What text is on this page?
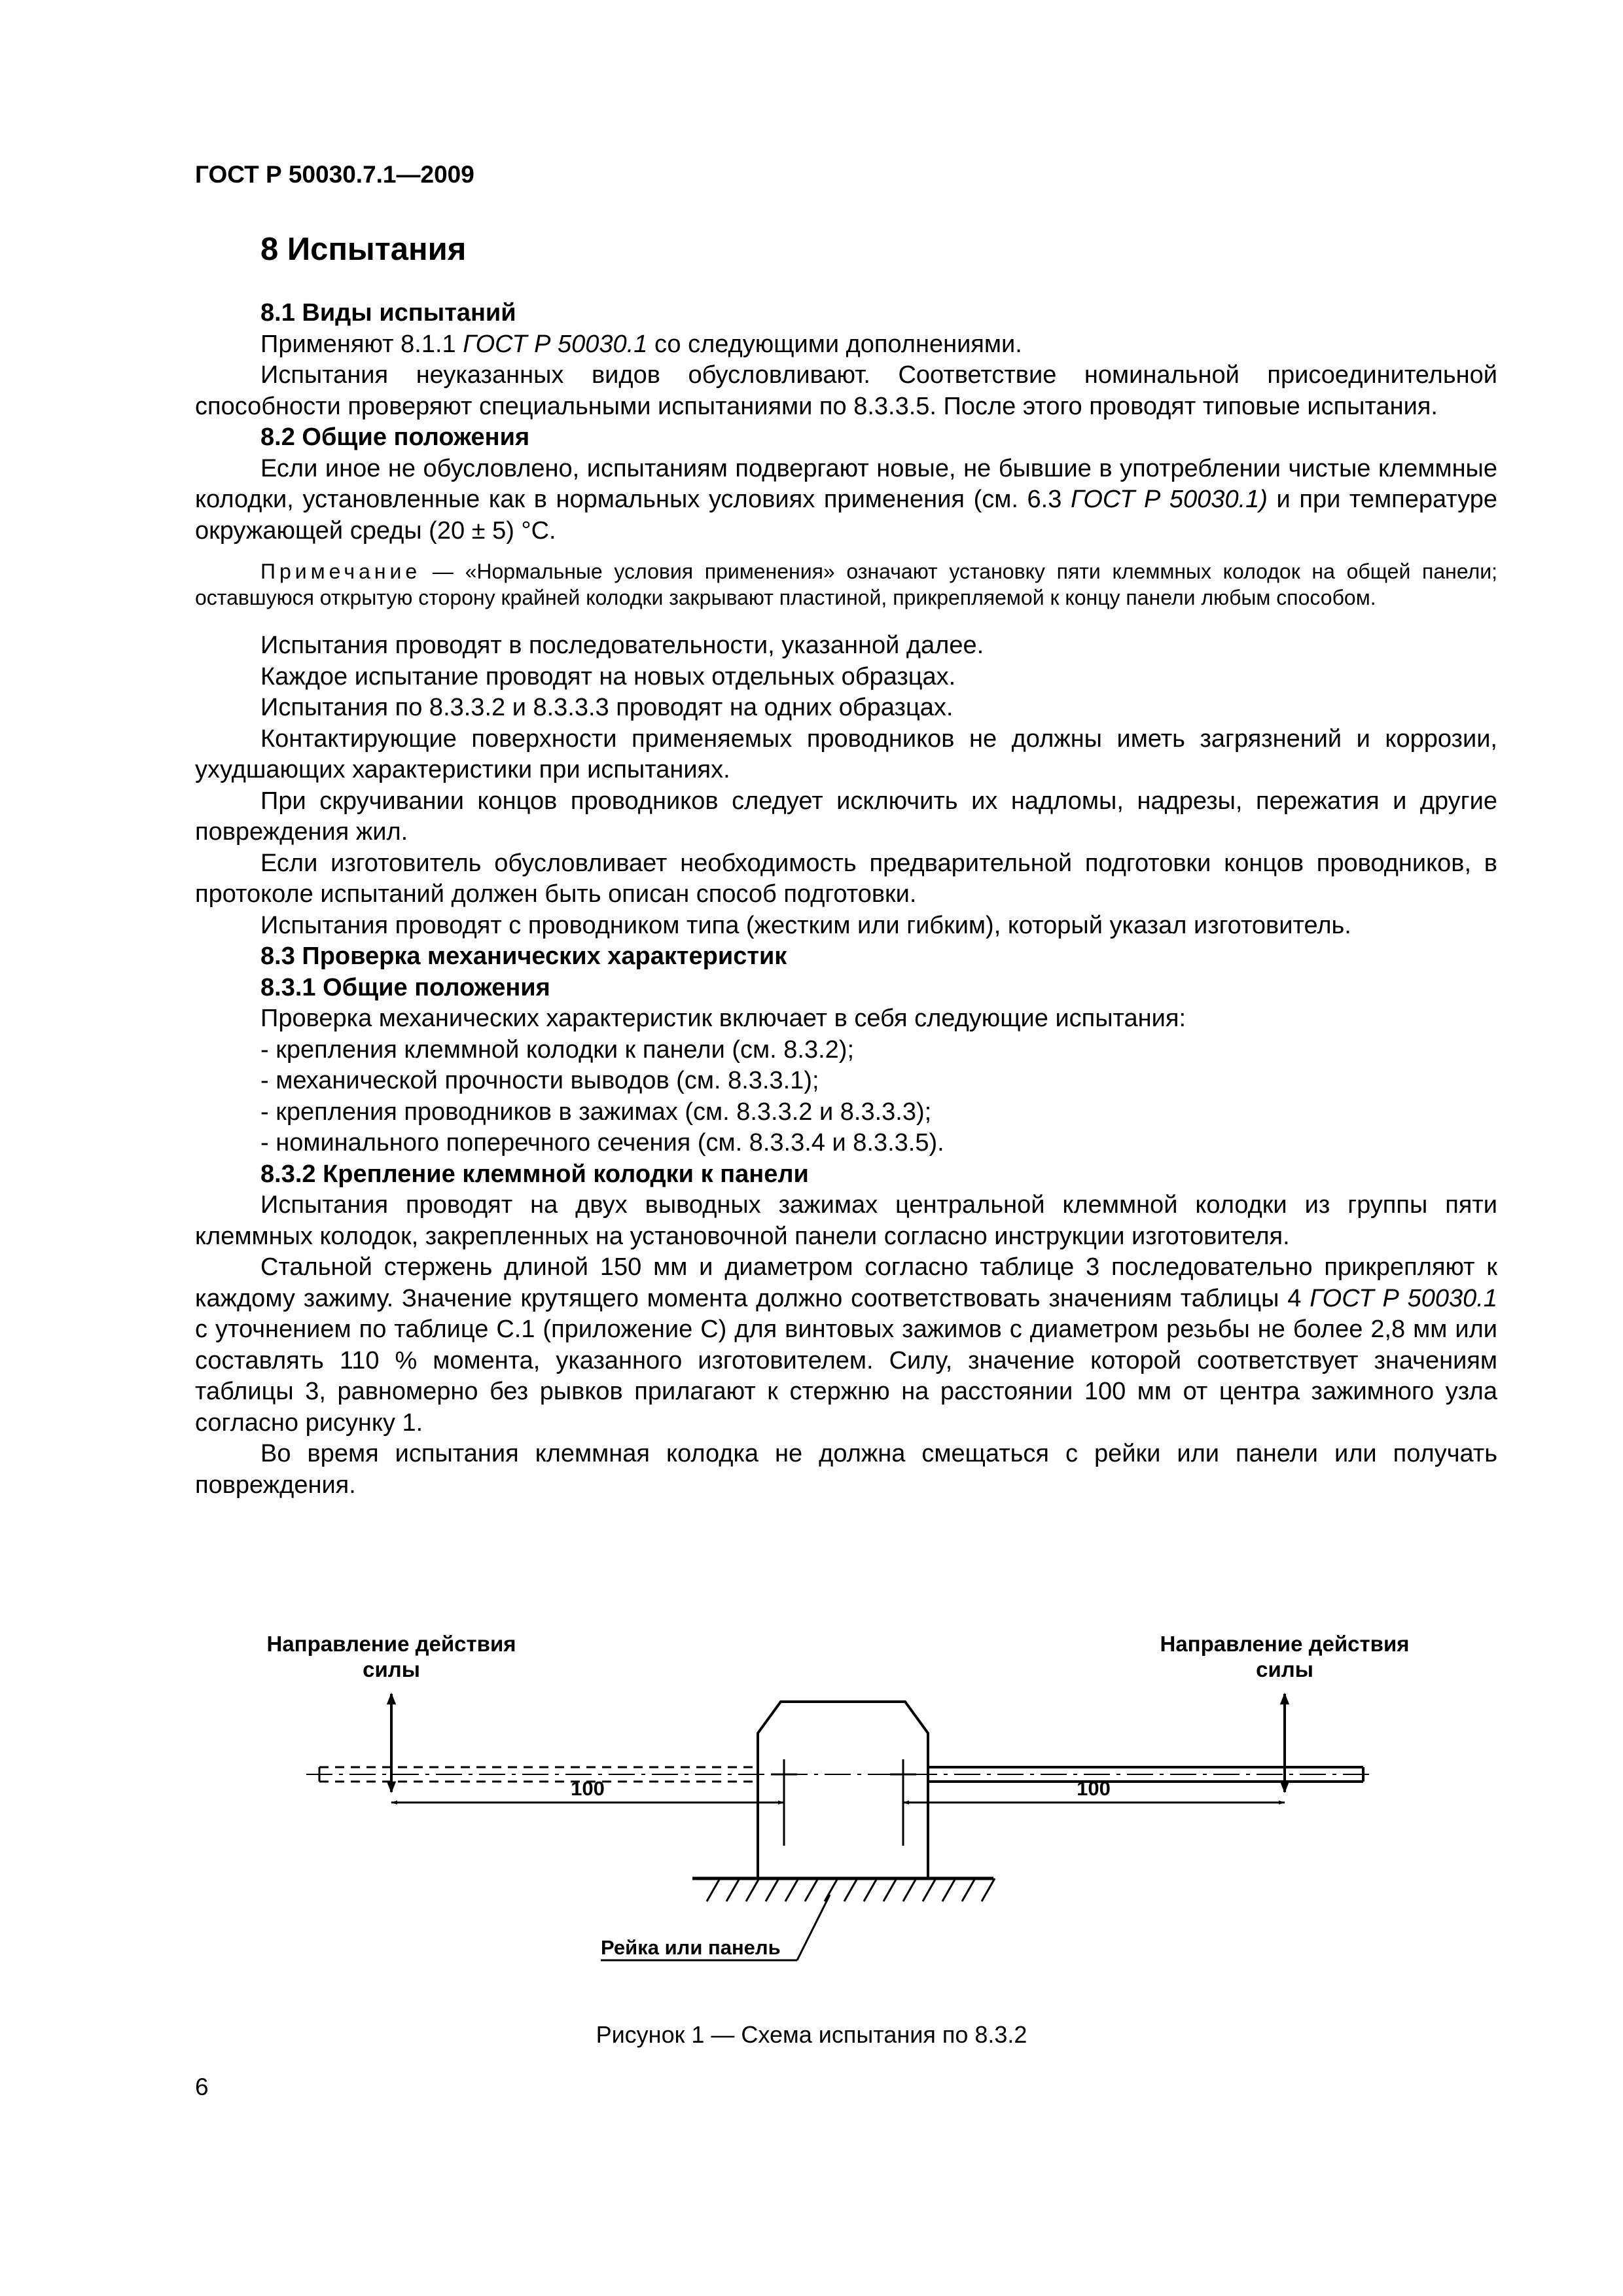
ГОСТ Р 50030.7.1—2009
8 Испытания

8.1 Виды испытаний

Применяют 8.1.1 ГОСТ Р 50030.1 со следующими дополнениями.

Испытания неуказанных видов обусловливают. Соответствие номинальной присоединительной способности проверяют специальными испытаниями по 8.3.3.5. После этого проводят типовые испытания.

8.2 Общие положения

Если иное не обусловлено, испытаниям подвергают новые, не бывшие в употреблении чистые клеммные колодки, установленные как в нормальных условиях применения (см. 6.3 ГОСТ Р 50030.1) и при температуре окружающей среды (20 ± 5) °С.

Примечание — «Нормальные условия применения» означают установку пяти клеммных колодок на общей панели; оставшуюся открытую сторону крайней колодки закрывают пластиной, прикрепляемой к концу панели любым способом.

Испытания проводят в последовательности, указанной далее.

Каждое испытание проводят на новых отдельных образцах.

Испытания по 8.3.3.2 и 8.3.3.3 проводят на одних образцах.

Контактирующие поверхности применяемых проводников не должны иметь загрязнений и коррозии, ухудшающих характеристики при испытаниях.

При скручивании концов проводников следует исключить их надломы, надрезы, пережатия и другие повреждения жил.

Если изготовитель обусловливает необходимость предварительной подготовки концов проводников, в протоколе испытаний должен быть описан способ подготовки.

Испытания проводят с проводником типа (жестким или гибким), который указал изготовитель.

8.3 Проверка механических характеристик

8.3.1 Общие положения

Проверка механических характеристик включает в себя следующие испытания:

- крепления клеммной колодки к панели (см. 8.3.2);

- механической прочности выводов (см. 8.3.3.1);

- крепления проводников в зажимах (см. 8.3.3.2 и 8.3.3.3);

- номинального поперечного сечения (см. 8.3.3.4 и 8.3.3.5).

8.3.2 Крепление клеммной колодки к панели

Испытания проводят на двух выводных зажимах центральной клеммной колодки из группы пяти клеммных колодок, закрепленных на установочной панели согласно инструкции изготовителя.

Стальной стержень длиной 150 мм и диаметром согласно таблице 3 последовательно прикрепляют к каждому зажиму. Значение крутящего момента должно соответствовать значениям таблицы 4 ГОСТ Р 50030.1 с уточнением по таблице С.1 (приложение С) для винтовых зажимов с диаметром резьбы не более 2,8 мм или составлять 110 % момента, указанного изготовителем. Силу, значение которой соответствует значениям таблицы 3, равномерно без рывков прилагают к стержню на расстоянии 100 мм от центра зажимного узла согласно рисунку 1.

Во время испытания клеммная колодка не должна смещаться с рейки или панели или получать повреждения.

Направление действия
силы
Направление действия
силы
100	100
Рейка или панель
Рисунок 1 — Схема испытания по 8.3.2
6
